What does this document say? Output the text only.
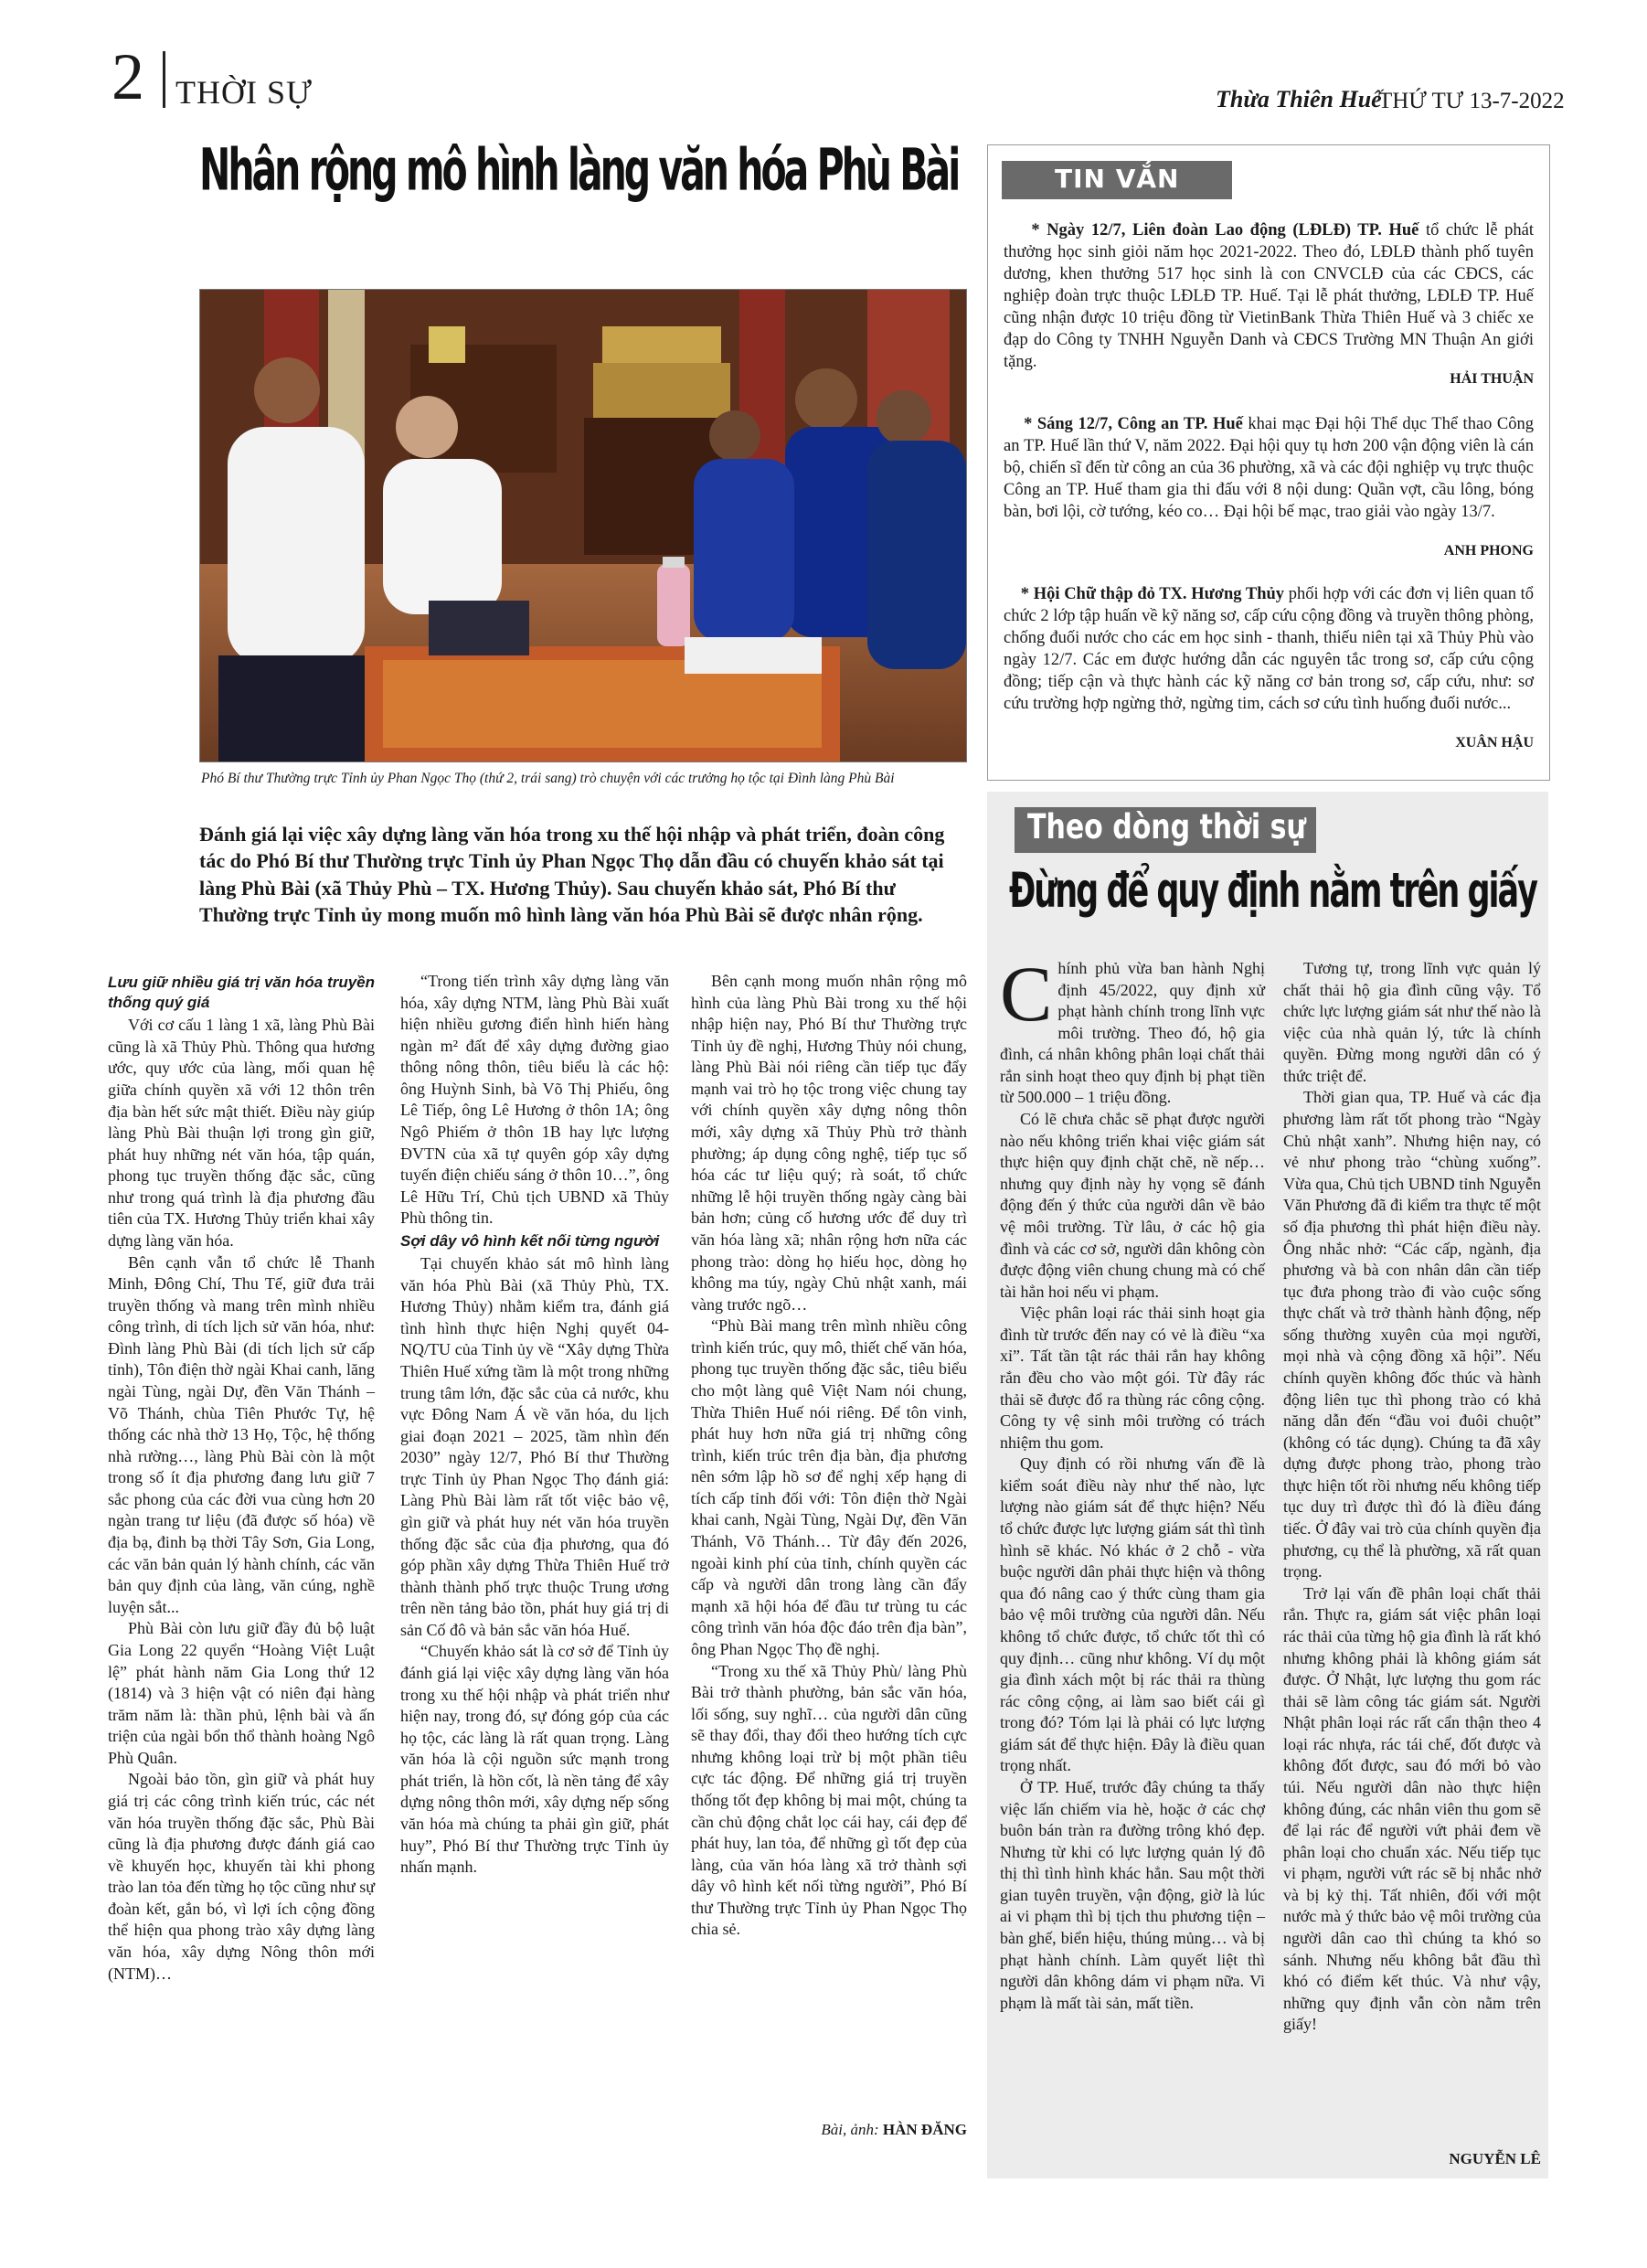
2 THỜI SỰ	Thừa Thiên Huế
THỨ TƯ 13-7-2022
Nhân rộng mô hình làng văn hóa Phù Bài
Phó Bí thư Thường trực Tỉnh ủy Phan Ngọc Thọ (thứ 2, trái sang) trò chuyện với các trưởng họ tộc tại Đình làng Phù Bài
Đánh giá lại việc xây dựng làng văn hóa trong xu thế hội nhập và phát triển, đoàn công tác do Phó Bí thư Thường trực Tỉnh ủy Phan Ngọc Thọ dẫn đầu có chuyến khảo sát tại làng Phù Bài (xã Thủy Phù – TX. Hương Thủy). Sau chuyến khảo sát, Phó Bí thư Thường trực Tỉnh ủy mong muốn mô hình làng văn hóa Phù Bài sẽ được nhân rộng.
Lưu giữ nhiều giá trị văn hóa truyền thống quý giá

Với cơ cấu 1 làng 1 xã, làng Phù Bài cũng là xã Thủy Phù. Thông qua hương ước, quy ước của làng, mối quan hệ giữa chính quyền xã với 12 thôn trên địa bàn hết sức mật thiết. Điều này giúp làng Phù Bài thuận lợi trong gìn giữ, phát huy những nét văn hóa, tập quán, phong tục truyền thống đặc sắc, cũng như trong quá trình là địa phương đầu tiên của TX. Hương Thủy triển khai xây dựng làng văn hóa.

Bên cạnh vẫn tổ chức lễ Thanh Minh, Đông Chí, Thu Tế, giữ đưa trải truyền thống và mang trên mình nhiều công trình, di tích lịch sử văn hóa, như: Đình làng Phù Bài (di tích lịch sử cấp tỉnh), Tôn điện thờ ngài Khai canh, lăng ngài Tùng, ngài Dự, đền Văn Thánh – Võ Thánh, chùa Tiên Phước Tự, hệ thống các nhà thờ 13 Họ, Tộc, hệ thống nhà rường…, làng Phù Bài còn là một trong số ít địa phương đang lưu giữ 7 sắc phong của các đời vua cùng hơn 20 ngàn trang tư liệu (đã được số hóa) về địa bạ, đinh bạ thời Tây Sơn, Gia Long, các văn bản quản lý hành chính, các văn bản quy định của làng, văn cúng, nghề luyện sắt...

Phù Bài còn lưu giữ đầy đủ bộ luật Gia Long 22 quyển “Hoàng Việt Luật lệ” phát hành năm Gia Long thứ 12 (1814) và 3 hiện vật có niên đại hàng trăm năm là: thần phủ, lệnh bài và ấn triện của ngài bổn thổ thành hoàng Ngô Phù Quân.

Ngoài bảo tồn, gìn giữ và phát huy giá trị các công trình kiến trúc, các nét văn hóa truyền thống đặc sắc, Phù Bài cũng là địa phương được đánh giá cao về khuyến học, khuyến tài khi phong trào lan tỏa đến từng họ tộc cũng như sự đoàn kết, gắn bó, vì lợi ích cộng đồng thể hiện qua phong trào xây dựng làng văn hóa, xây dựng Nông thôn mới (NTM)…

“Trong tiến trình xây dựng làng văn hóa, xây dựng NTM, làng Phù Bài xuất hiện nhiều gương điển hình hiến hàng ngàn m² đất để xây dựng đường giao thông nông thôn, tiêu biểu là các hộ: ông Huỳnh Sinh, bà Võ Thị Phiếu, ông Lê Tiếp, ông Lê Hương ở thôn 1A; ông Ngô Phiếm ở thôn 1B hay lực lượng ĐVTN của xã tự quyên góp xây dựng tuyến điện chiếu sáng ở thôn 10…”, ông Lê Hữu Trí, Chủ tịch UBND xã Thủy Phù thông tin.

Sợi dây vô hình kết nối từng người

Tại chuyến khảo sát mô hình làng văn hóa Phù Bài (xã Thủy Phù, TX. Hương Thủy) nhằm kiểm tra, đánh giá tình hình thực hiện Nghị quyết 04-NQ/TU của Tỉnh ủy về “Xây dựng Thừa Thiên Huế xứng tầm là một trong những trung tâm lớn, đặc sắc của cả nước, khu vực Đông Nam Á về văn hóa, du lịch giai đoạn 2021 – 2025, tầm nhìn đến 2030” ngày 12/7, Phó Bí thư Thường trực Tỉnh ủy Phan Ngọc Thọ đánh giá: Làng Phù Bài làm rất tốt việc bảo vệ, gìn giữ và phát huy nét văn hóa truyền thống đặc sắc của địa phương, qua đó góp phần xây dựng Thừa Thiên Huế trở thành thành phố trực thuộc Trung ương trên nền tảng bảo tồn, phát huy giá trị di sản Cố đô và bản sắc văn hóa Huế.

“Chuyến khảo sát là cơ sở để Tỉnh ủy đánh giá lại việc xây dựng làng văn hóa trong xu thế hội nhập và phát triển như hiện nay, trong đó, sự đóng góp của các họ tộc, các làng là rất quan trọng. Làng văn hóa là cội nguồn sức mạnh trong phát triển, là hồn cốt, là nền tảng để xây dựng nông thôn mới, xây dựng nếp sống văn hóa mà chúng ta phải gìn giữ, phát huy”, Phó Bí thư Thường trực Tỉnh ủy nhấn mạnh.

Bên cạnh mong muốn nhân rộng mô hình của làng Phù Bài trong xu thế hội nhập hiện nay, Phó Bí thư Thường trực Tỉnh ủy đề nghị, Hương Thủy nói chung, làng Phù Bài nói riêng cần tiếp tục đẩy mạnh vai trò họ tộc trong việc chung tay với chính quyền xây dựng nông thôn mới, xây dựng xã Thủy Phù trở thành phường; áp dụng công nghệ, tiếp tục số hóa các tư liệu quý; rà soát, tổ chức những lễ hội truyền thống ngày càng bài bản hơn; củng cố hương ước để duy trì văn hóa làng xã; nhân rộng hơn nữa các phong trào: dòng họ hiếu học, dòng họ không ma túy, ngày Chủ nhật xanh, mái vàng trước ngõ…

“Phù Bài mang trên mình nhiều công trình kiến trúc, quy mô, thiết chế văn hóa, phong tục truyền thống đặc sắc, tiêu biểu cho một làng quê Việt Nam nói chung, Thừa Thiên Huế nói riêng. Để tôn vinh, phát huy hơn nữa giá trị những công trình, kiến trúc trên địa bàn, địa phương nên sớm lập hồ sơ để nghị xếp hạng di tích cấp tỉnh đối với: Tôn điện thờ Ngài khai canh, Ngài Tùng, Ngài Dự, đền Văn Thánh, Võ Thánh… Từ đây đến 2026, ngoài kinh phí của tỉnh, chính quyền các cấp và người dân trong làng cần đẩy mạnh xã hội hóa để đầu tư trùng tu các công trình văn hóa độc đáo trên địa bàn”, ông Phan Ngọc Thọ đề nghị.

“Trong xu thế xã Thủy Phù/ làng Phù Bài trở thành phường, bản sắc văn hóa, lối sống, suy nghĩ… của người dân cũng sẽ thay đổi, thay đổi theo hướng tích cực nhưng không loại trừ bị một phần tiêu cực tác động. Để những giá trị truyền thống tốt đẹp không bị mai một, chúng ta cần chủ động chắt lọc cái hay, cái đẹp để phát huy, lan tỏa, để những gì tốt đẹp của làng, của văn hóa làng xã trở thành sợi dây vô hình kết nối từng người”, Phó Bí thư Thường trực Tỉnh ủy Phan Ngọc Thọ chia sẻ.

Bài, ảnh: HÀN ĐĂNG
TIN VẮN
* Ngày 12/7, Liên đoàn Lao động (LĐLĐ) TP. Huế tổ chức lễ phát thưởng học sinh giỏi năm học 2021-2022. Theo đó, LĐLĐ thành phố tuyên dương, khen thưởng 517 học sinh là con CNVCLĐ của các CĐCS, các nghiệp đoàn trực thuộc LĐLĐ TP. Huế. Tại lễ phát thưởng, LĐLĐ TP. Huế cũng nhận được 10 triệu đồng từ VietinBank Thừa Thiên Huế và 3 chiếc xe đạp do Công ty TNHH Nguyễn Danh và CĐCS Trường MN Thuận An giới tặng.
HẢI THUẬN
* Sáng 12/7, Công an TP. Huế khai mạc Đại hội Thể dục Thể thao Công an TP. Huế lần thứ V, năm 2022. Đại hội quy tụ hơn 200 vận động viên là cán bộ, chiến sĩ đến từ công an của 36 phường, xã và các đội nghiệp vụ trực thuộc Công an TP. Huế tham gia thi đấu với 8 nội dung: Quần vợt, cầu lông, bóng bàn, bơi lội, cờ tướng, kéo co… Đại hội bế mạc, trao giải vào ngày 13/7.
ANH PHONG
* Hội Chữ thập đỏ TX. Hương Thủy phối hợp với các đơn vị liên quan tổ chức 2 lớp tập huấn về kỹ năng sơ, cấp cứu cộng đồng và truyền thông phòng, chống đuối nước cho các em học sinh - thanh, thiếu niên tại xã Thủy Phù vào ngày 12/7. Các em được hướng dẫn các nguyên tắc trong sơ, cấp cứu cộng đồng; tiếp cận và thực hành các kỹ năng cơ bản trong sơ, cấp cứu, như: sơ cứu trường hợp ngừng thở, ngừng tim, cách sơ cứu tình huống đuối nước...
XUÂN HẬU
Theo dòng thời sự
Đừng để quy định nằm trên giấy

Chính phủ vừa ban hành Nghị định 45/2022, quy định xử phạt hành chính trong lĩnh vực môi trường. Theo đó, hộ gia đình, cá nhân không phân loại chất thải rắn sinh hoạt theo quy định bị phạt tiền từ 500.000 – 1 triệu đồng.

Có lẽ chưa chắc sẽ phạt được người nào nếu không triển khai việc giám sát thực hiện quy định chặt chẽ, nề nếp… nhưng quy định này hy vọng sẽ đánh động đến ý thức của người dân về bảo vệ môi trường. Từ lâu, ở các hộ gia đình và các cơ sở, người dân không còn được động viên chung chung mà có chế tài hẳn hoi nếu vi phạm.

Việc phân loại rác thải sinh hoạt gia đình từ trước đến nay có vẻ là điều “xa xỉ”. Tất tần tật rác thải rắn hay không rắn đều cho vào một gói. Từ đây rác thải sẽ được đổ ra thùng rác công cộng. Công ty vệ sinh môi trường có trách nhiệm thu gom.

Quy định có rồi nhưng vấn đề là kiểm soát điều này như thế nào, lực lượng nào giám sát để thực hiện? Nếu tổ chức được lực lượng giám sát thì tình hình sẽ khác. Nó khác ở 2 chỗ - vừa buộc người dân phải thực hiện và thông qua đó nâng cao ý thức cùng tham gia bảo vệ môi trường của người dân. Nếu không tổ chức được, tổ chức tốt thì có quy định… cũng như không. Ví dụ một gia đình xách một bị rác thải ra thùng rác công cộng, ai làm sao biết cái gì trong đó? Tóm lại là phải có lực lượng giám sát để thực hiện. Đây là điều quan trọng nhất.

Ở TP. Huế, trước đây chúng ta thấy việc lấn chiếm vỉa hè, hoặc ở các chợ buôn bán tràn ra đường trông khó đẹp. Nhưng từ khi có lực lượng quản lý đô thị thì tình hình khác hẳn. Sau một thời gian tuyên truyền, vận động, giờ là lúc ai vi phạm thì bị tịch thu phương tiện – bàn ghế, biển hiệu, thúng mủng… và bị phạt hành chính. Làm quyết liệt thì người dân không dám vi phạm nữa. Vi phạm là mất tài sản, mất tiền.

Tương tự, trong lĩnh vực quản lý chất thải hộ gia đình cũng vậy. Tổ chức lực lượng giám sát như thế nào là việc của nhà quản lý, tức là chính quyền. Đừng mong người dân có ý thức triệt để.

Thời gian qua, TP. Huế và các địa phương làm rất tốt phong trào “Ngày Chủ nhật xanh”. Nhưng hiện nay, có vẻ như phong trào “chùng xuống”. Vừa qua, Chủ tịch UBND tỉnh Nguyễn Văn Phương đã đi kiểm tra thực tế một số địa phương thì phát hiện điều này. Ông nhắc nhở: “Các cấp, ngành, địa phương và bà con nhân dân cần tiếp tục đưa phong trào đi vào cuộc sống thực chất và trở thành hành động, nếp sống thường xuyên của mọi người, mọi nhà và cộng đồng xã hội”. Nếu chính quyền không đốc thúc và hành động liên tục thì phong trào có khả năng dẫn đến “đầu voi đuôi chuột” (không có tác dụng). Chúng ta đã xây dựng được phong trào, phong trào thực hiện tốt rồi nhưng nếu không tiếp tục duy trì được thì đó là điều đáng tiếc. Ở đây vai trò của chính quyền địa phương, cụ thể là phường, xã rất quan trọng.

Trở lại vấn đề phân loại chất thải rắn. Thực ra, giám sát việc phân loại rác thải của từng hộ gia đình là rất khó nhưng không phải là không giám sát được. Ở Nhật, lực lượng thu gom rác thải sẽ làm công tác giám sát. Người Nhật phân loại rác rất cẩn thận theo 4 loại rác nhựa, rác tái chế, đốt được và không đốt được, sau đó mới bỏ vào túi. Nếu người dân nào thực hiện không đúng, các nhân viên thu gom sẽ để lại rác để người vứt phải đem về phân loại cho chuẩn xác. Nếu tiếp tục vi phạm, người vứt rác sẽ bị nhắc nhở và bị kỷ thị. Tất nhiên, đối với một nước mà ý thức bảo vệ môi trường của người dân cao thì chúng ta khó so sánh. Nhưng nếu không bắt đầu thì khó có điểm kết thúc. Và như vậy, những quy định vẫn còn nằm trên giấy!

NGUYỄN LÊ
